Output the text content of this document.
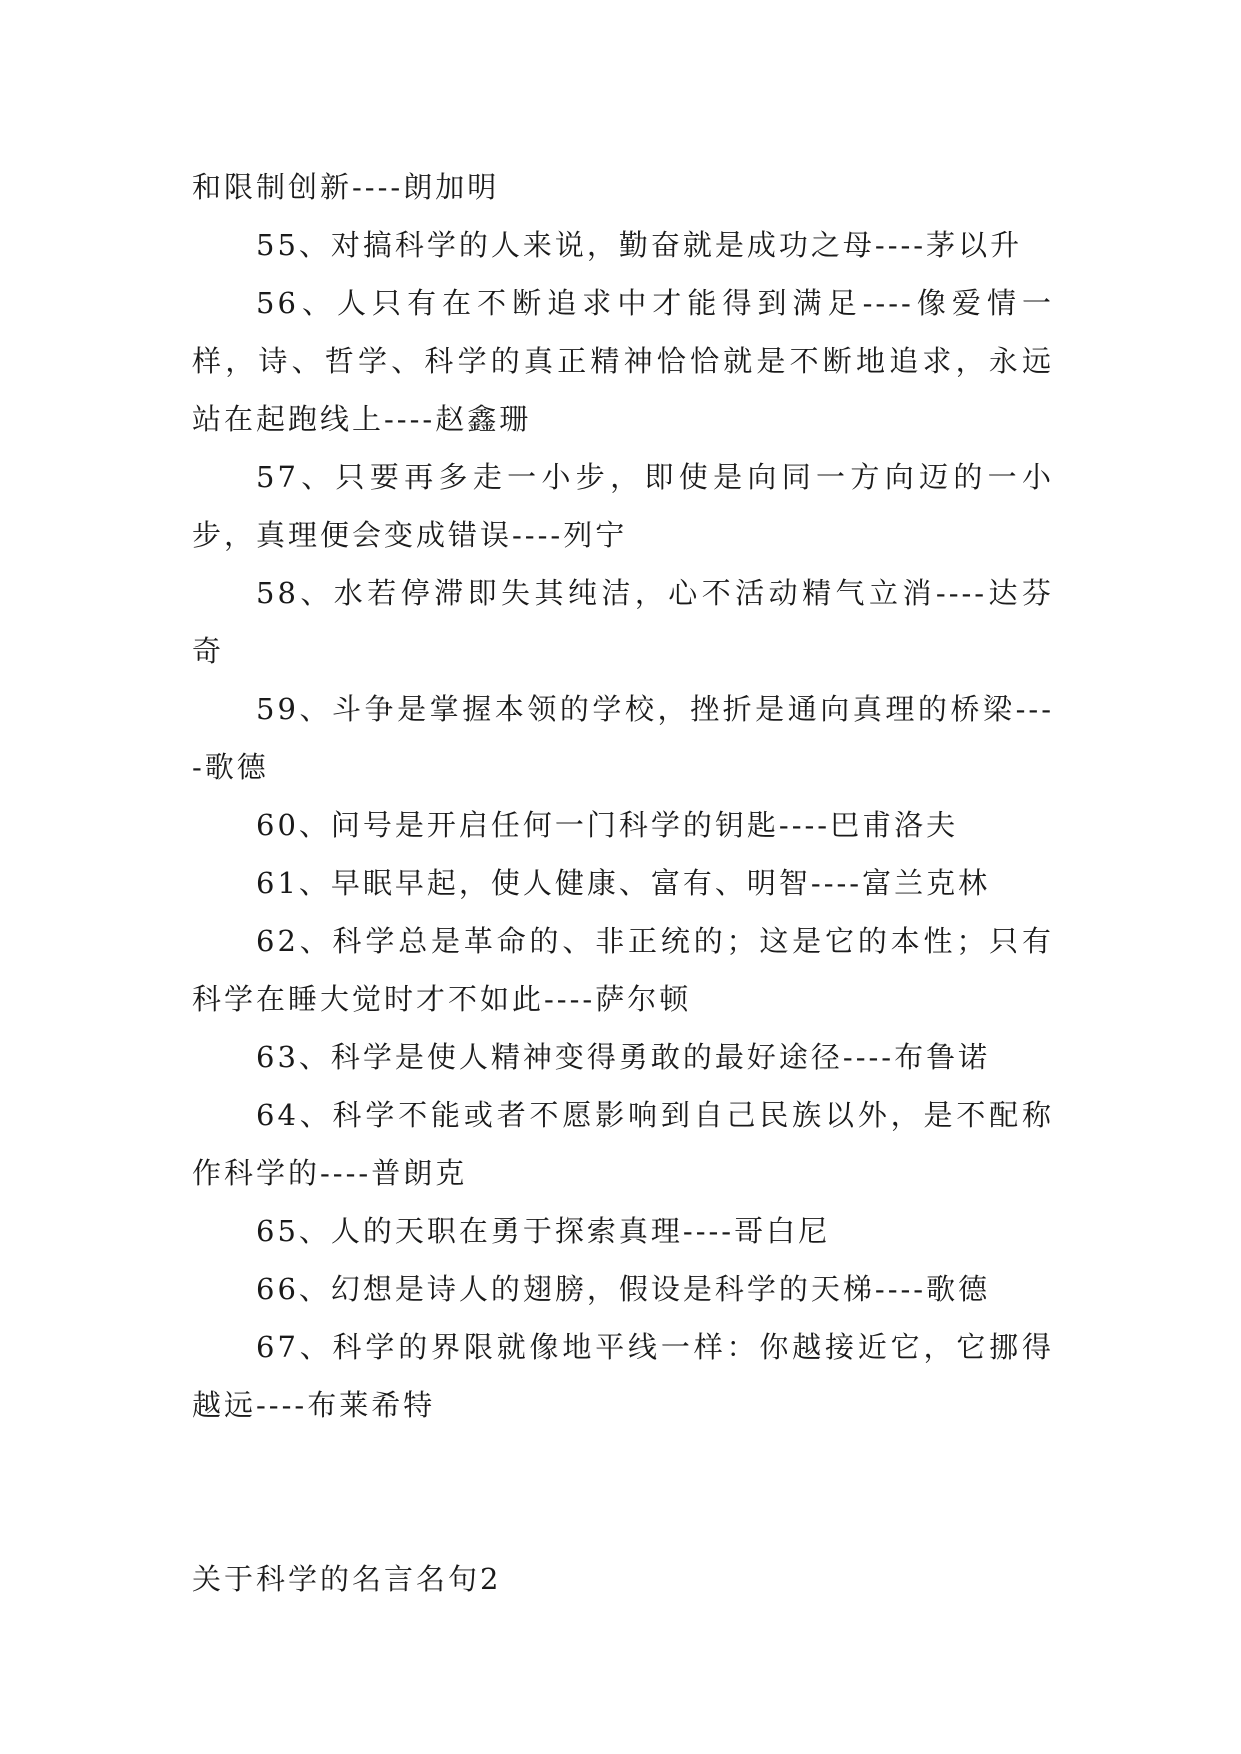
和限制创新----朗加明

55、对搞科学的人来说，勤奋就是成功之母----茅以升

56、人只有在不断追求中才能得到满足----像爱情一样，诗、哲学、科学的真正精神恰恰就是不断地追求，永远站在起跑线上----赵鑫珊

57、只要再多走一小步，即使是向同一方向迈的一小步，真理便会变成错误----列宁

58、水若停滞即失其纯洁，心不活动精气立消----达芬奇

59、斗争是掌握本领的学校，挫折是通向真理的桥梁----歌德

60、问号是开启任何一门科学的钥匙----巴甫洛夫

61、早眠早起，使人健康、富有、明智----富兰克林

62、科学总是革命的、非正统的；这是它的本性；只有科学在睡大觉时才不如此----萨尔顿

63、科学是使人精神变得勇敢的最好途径----布鲁诺

64、科学不能或者不愿影响到自己民族以外，是不配称作科学的----普朗克

65、人的天职在勇于探索真理----哥白尼

66、幻想是诗人的翅膀，假设是科学的天梯----歌德

67、科学的界限就像地平线一样：你越接近它，它挪得越远----布莱希特

关于科学的名言名句2
